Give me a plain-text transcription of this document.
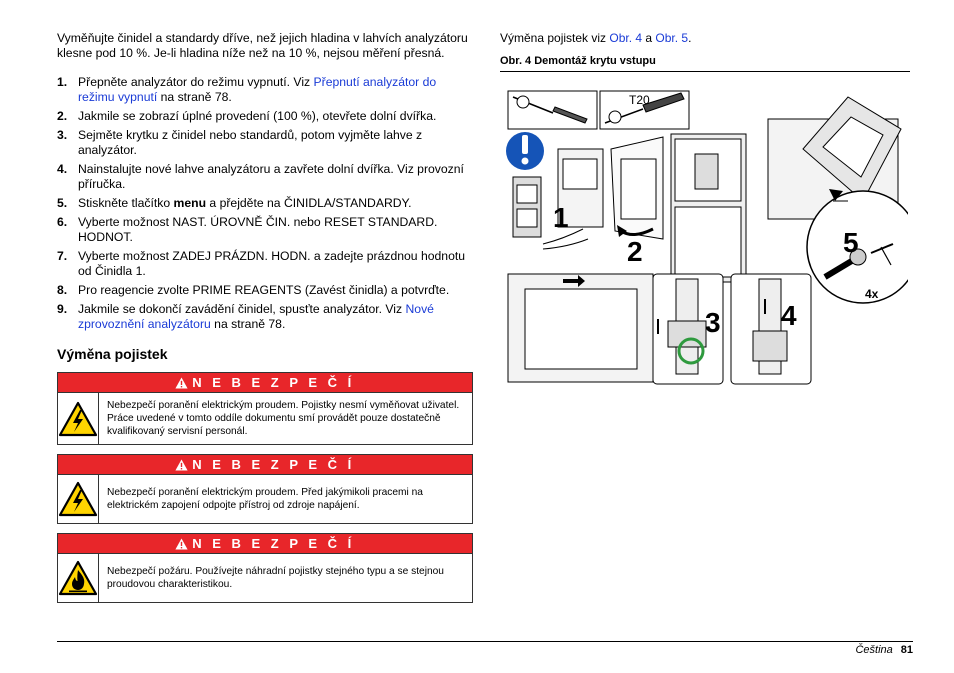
Vyměňujte činidel a standardy dříve, než jejich hladina v lahvích analyzátoru klesne pod 10 %. Je-li hladina níže než na 10 %, nejsou měření přesná.

1. Přepněte analyzátor do režimu vypnutí. Viz Přepnutí analyzátor do režimu vypnutí na straně 78.
2. Jakmile se zobrazí úplné provedení (100 %), otevřete dolní dvířka.
3. Sejměte krytku z činidel nebo standardů, potom vyjměte lahve z analyzátor.
4. Nainstalujte nové lahve analyzátoru a zavřete dolní dvířka. Viz provozní příručka.
5. Stiskněte tlačítko menu a přejděte na ČINIDLA/STANDARDY.
6. Vyberte možnost NAST. ÚROVNĚ ČIN. nebo RESET STANDARD. HODNOT.
7. Vyberte možnost ZADEJ PRÁZDN. HODN. a zadejte prázdnou hodnotu od Činidla 1.
8. Pro reagencie zvolte PRIME REAGENTS (Zavést činidla) a potvrďte.
9. Jakmile se dokončí zavádění činidel, spusťte analyzátor. Viz Nové zprovoznění analyzátoru na straně 78.
Výměna pojistek
N E B E Z P E Č Í
Nebezpečí poranění elektrickým proudem. Pojistky nesmí vyměňovat uživatel. Práce uvedené v tomto oddíle dokumentu smí provádět pouze dostatečně kvalifikovaný servisní personál.
N E B E Z P E Č Í
Nebezpečí poranění elektrickým proudem. Před jakýmikoli pracemi na elektrickém zapojení odpojte přístroj od zdroje napájení.
N E B E Z P E Č Í
Nebezpečí požáru. Používejte náhradní pojistky stejného typu a se stejnou proudovou charakteristikou.

Výměna pojistek viz Obr. 4 a Obr. 5.

Obr. 4 Demontáž krytu vstupu

T20
1
2
3 4
5
4x
Čeština 81
